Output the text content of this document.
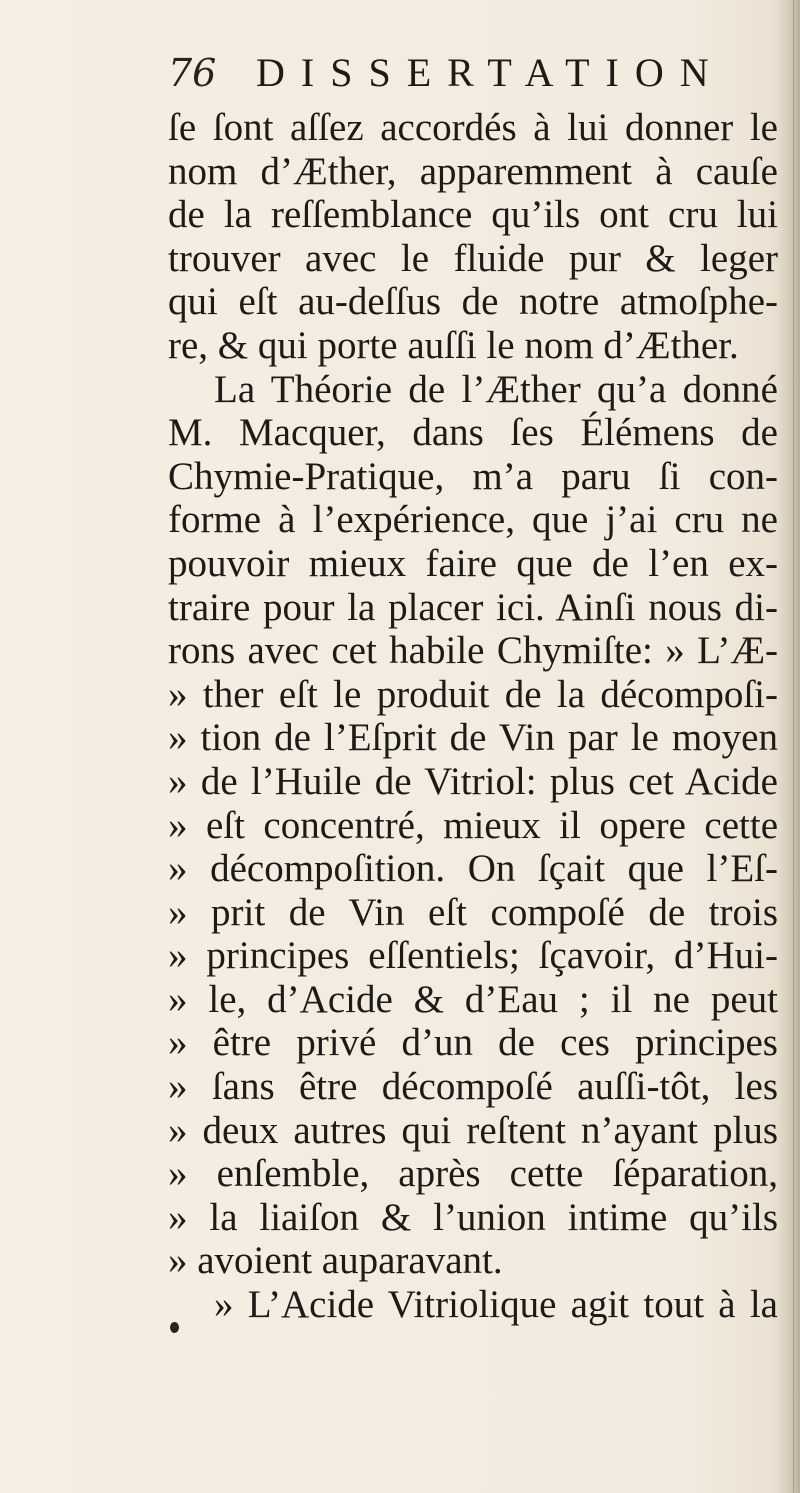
76 DISSERTATION
ſe ſont aſſez accordés à lui donner le
nom d’Æther, apparemment à cauſe
de la reſſemblance qu’ils ont cru lui
trouver avec le fluide pur & leger
qui eſt au-deſſus de notre atmoſphe-
re, & qui porte auſſi le nom d’Æther.
La Théorie de l’Æther qu’a donné
M. Macquer, dans ſes Élémens de
Chymie-Pratique, m’a paru ſi con-
forme à l’expérience, que j’ai cru ne
pouvoir mieux faire que de l’en ex-
traire pour la placer ici. Ainſi nous di-
rons avec cet habile Chymiſte: » L’Æ-
» ther eſt le produit de la décompoſi-
» tion de l’Eſprit de Vin par le moyen
» de l’Huile de Vitriol: plus cet Acide
» eſt concentré, mieux il opere cette
» décompoſition. On ſçait que l’Eſ-
» prit de Vin eſt compoſé de trois
» principes eſſentiels; ſçavoir, d’Hui-
» le, d’Acide & d’Eau ; il ne peut
» être privé d’un de ces principes
» ſans être décompoſé auſſi-tôt, les
» deux autres qui reſtent n’ayant plus
» enſemble, après cette ſéparation,
» la liaiſon & l’union intime qu’ils
» avoient auparavant.
» L’Acide Vitriolique agit tout à la
